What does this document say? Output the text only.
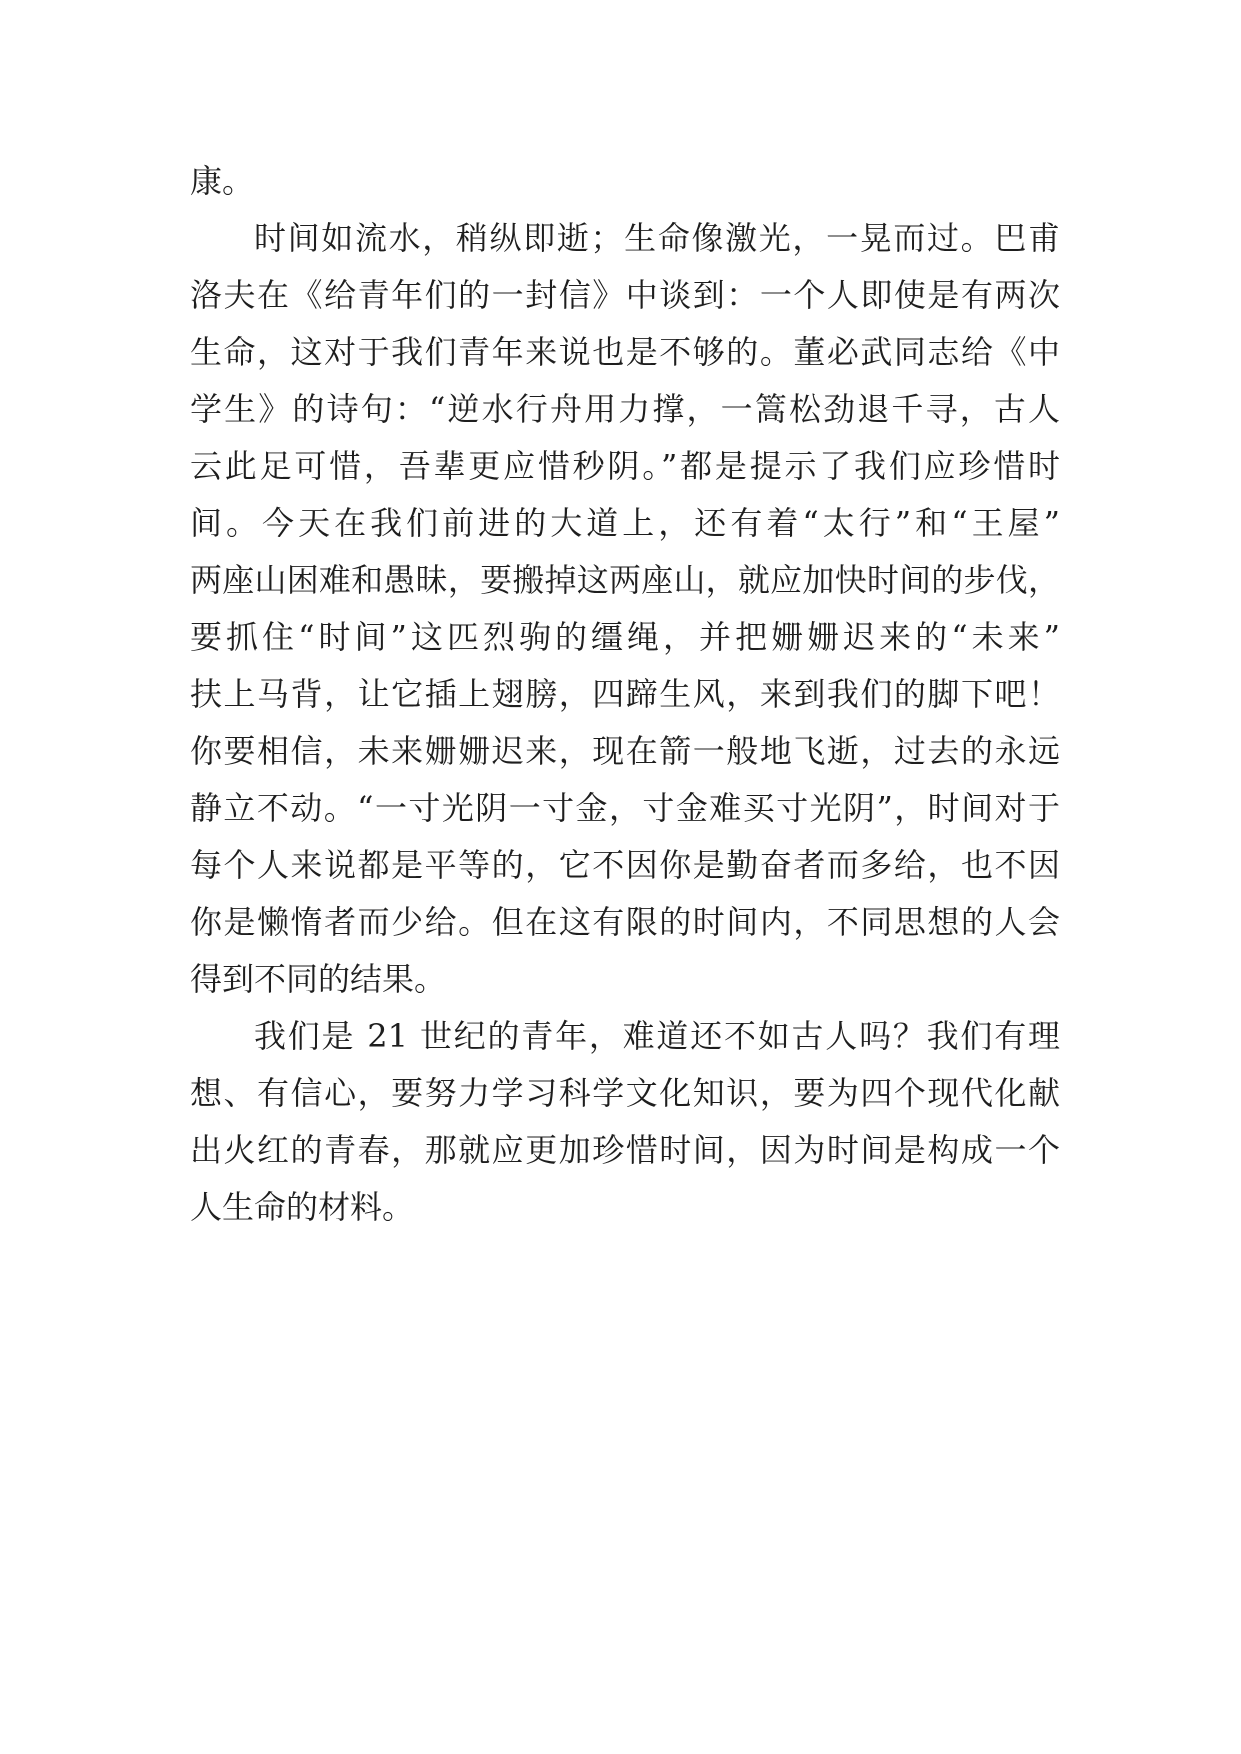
康。
时间如流水，稍纵即逝；生命像激光，一晃而过。巴甫
洛夫在《给青年们的一封信》中谈到：一个人即使是有两次
生命，这对于我们青年来说也是不够的。董必武同志给《中
学生》的诗句：“逆水行舟用力撑，一篙松劲退千寻，古人
云此足可惜，吾辈更应惜秒阴。”都是提示了我们应珍惜时
间。今天在我们前进的大道上，还有着“太行”和“王屋”
两座山困难和愚昧，要搬掉这两座山，就应加快时间的步伐，
要抓住“时间”这匹烈驹的缰绳，并把姗姗迟来的“未来”
扶上马背，让它插上翅膀，四蹄生风，来到我们的脚下吧！
你要相信，未来姗姗迟来，现在箭一般地飞逝，过去的永远
静立不动。“一寸光阴一寸金，寸金难买寸光阴”，时间对于
每个人来说都是平等的，它不因你是勤奋者而多给，也不因
你是懒惰者而少给。但在这有限的时间内，不同思想的人会
得到不同的结果。
我们是 21 世纪的青年，难道还不如古人吗？我们有理
想、有信心，要努力学习科学文化知识，要为四个现代化献
出火红的青春，那就应更加珍惜时间，因为时间是构成一个
人生命的材料。
